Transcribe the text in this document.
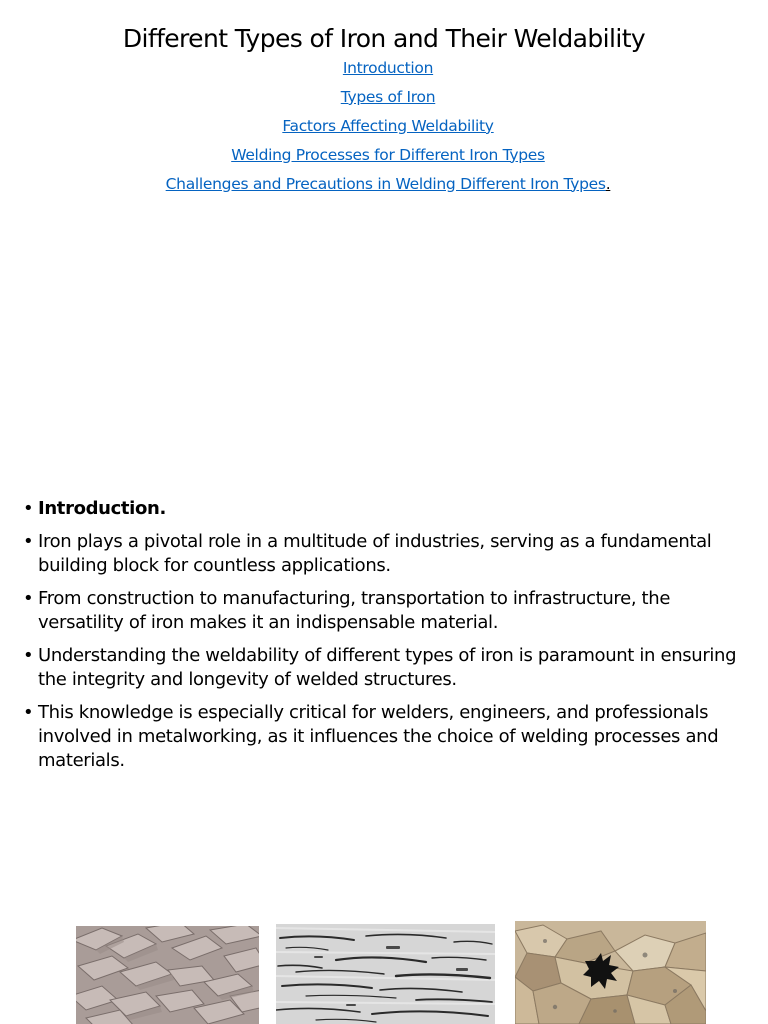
Different Types of Iron and Their Weldability
Introduction
Types of Iron
Factors Affecting Weldability
Welding Processes for Different Iron Types
Challenges and Precautions in Welding Different Iron Types.
• Introduction.
• Iron plays a pivotal role in a multitude of industries, serving as a fundamental building block for countless applications.
• From construction to manufacturing, transportation to infrastructure, the versatility of iron makes it an indispensable material.
• Understanding the weldability of different types of iron is paramount in ensuring the integrity and longevity of welded structures.
• This knowledge is especially critical for welders, engineers, and professionals involved in metalworking, as it influences the choice of welding processes and materials.
